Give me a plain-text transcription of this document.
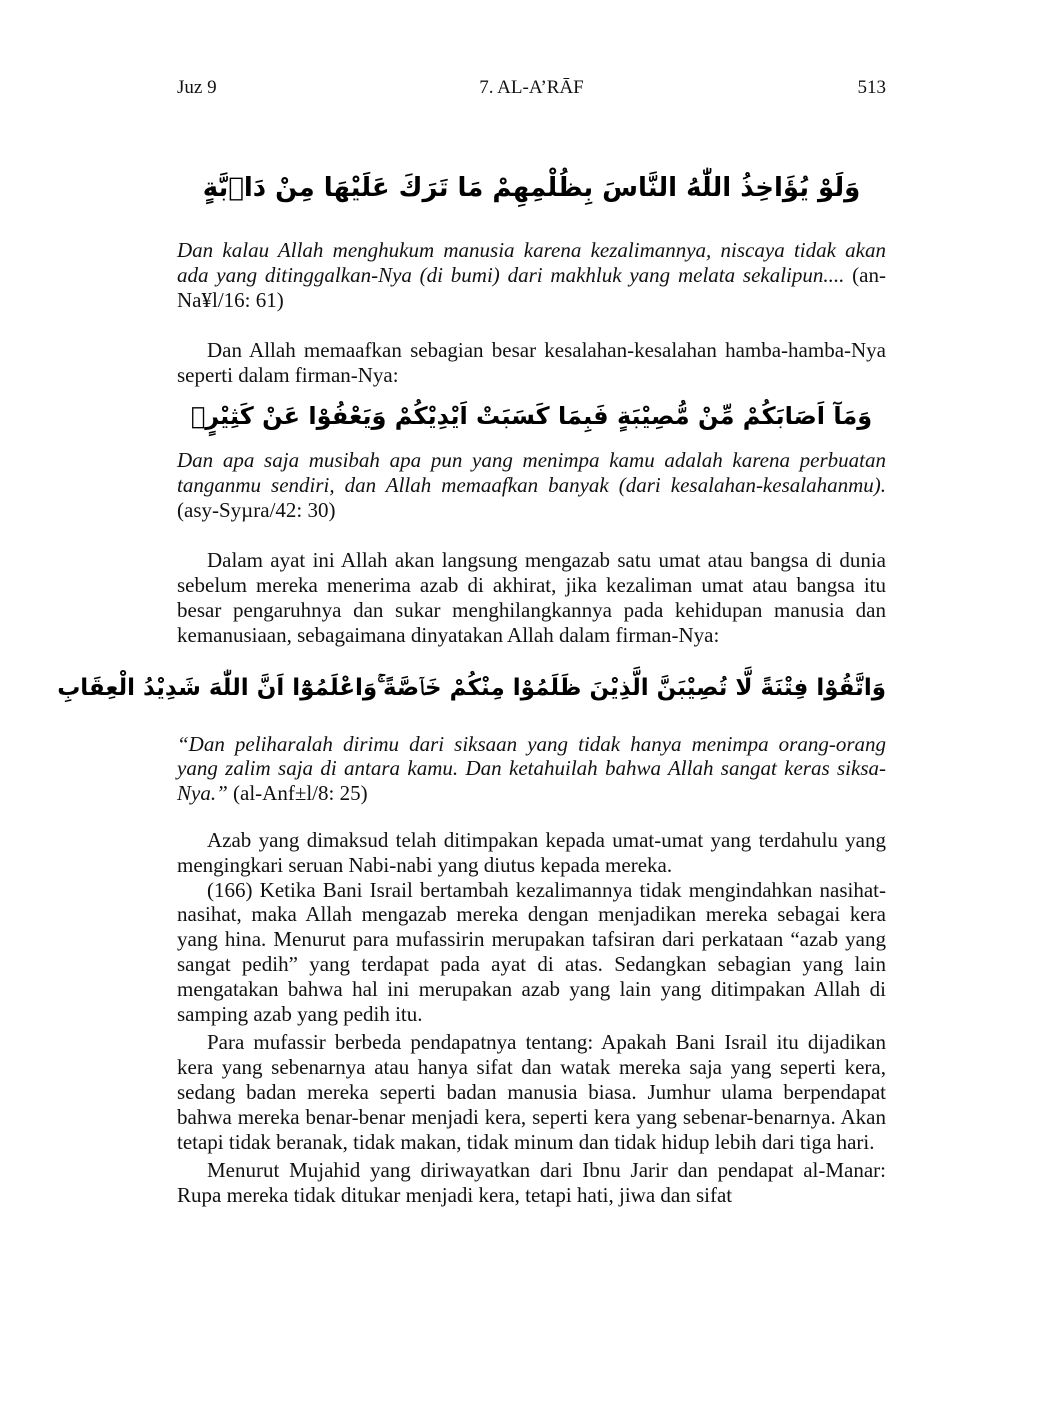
Juz 9	7. AL-A’RĀF	513
وَلَوْ يُؤَاخِذُ اللّٰهُ النَّاسَ بِظُلْمِهِمْ مَا تَرَكَ عَلَيْهَا مِنْ دَاۤبَّةٍ

Dan kalau Allah menghukum manusia karena kezalimannya, niscaya tidak akan ada yang ditinggalkan-Nya (di bumi) dari makhluk yang melata sekalipun.... (an-Na¥l/16: 61)

Dan Allah memaafkan sebagian besar kesalahan-kesalahan hamba-hamba-Nya seperti dalam firman-Nya:

وَمَآ اَصَابَكُمْ مِّنْ مُّصِيْبَةٍ فَبِمَا كَسَبَتْ اَيْدِيْكُمْ وَيَعْفُوْا عَنْ كَثِيْرٍۗ

Dan apa saja musibah apa pun yang menimpa kamu adalah karena perbuatan tanganmu sendiri, dan Allah memaafkan banyak (dari kesalahan-kesalahanmu). (asy-Syµra/42: 30)

Dalam ayat ini Allah akan langsung mengazab satu umat atau bangsa di dunia sebelum mereka menerima azab di akhirat, jika kezaliman umat atau bangsa itu besar pengaruhnya dan sukar menghilangkannya pada kehidupan manusia dan kemanusiaan, sebagaimana dinyatakan Allah dalam firman-Nya:

وَاتَّقُوْا فِتْنَةً لَّا تُصِيْبَنَّ الَّذِيْنَ ظَلَمُوْا مِنْكُمْ خَاۤصَّةً ۚوَاعْلَمُوْٓا اَنَّ اللّٰهَ شَدِيْدُ الْعِقَابِ

“Dan peliharalah dirimu dari siksaan yang tidak hanya menimpa orang-orang yang zalim saja di antara kamu. Dan ketahuilah bahwa Allah sangat keras siksa-Nya.” (al-Anf±l/8: 25)

Azab yang dimaksud telah ditimpakan kepada umat-umat yang terdahulu yang mengingkari seruan Nabi-nabi yang diutus kepada mereka.

(166) Ketika Bani Israil bertambah kezalimannya tidak mengindahkan nasihat-nasihat, maka Allah mengazab mereka dengan menjadikan mereka sebagai kera yang hina. Menurut para mufassirin merupakan tafsiran dari perkataan “azab yang sangat pedih” yang terdapat pada ayat di atas. Sedangkan sebagian yang lain mengatakan bahwa hal ini merupakan azab yang lain yang ditimpakan Allah di samping azab yang pedih itu.

Para mufassir berbeda pendapatnya tentang: Apakah Bani Israil itu dijadikan kera yang sebenarnya atau hanya sifat dan watak mereka saja yang seperti kera, sedang badan mereka seperti badan manusia biasa. Jumhur ulama berpendapat bahwa mereka benar-benar menjadi kera, seperti kera yang sebenar-benarnya. Akan tetapi tidak beranak, tidak makan, tidak minum dan tidak hidup lebih dari tiga hari.

Menurut Mujahid yang diriwayatkan dari Ibnu Jarir dan pendapat al-Manar: Rupa mereka tidak ditukar menjadi kera, tetapi hati, jiwa dan sifat
